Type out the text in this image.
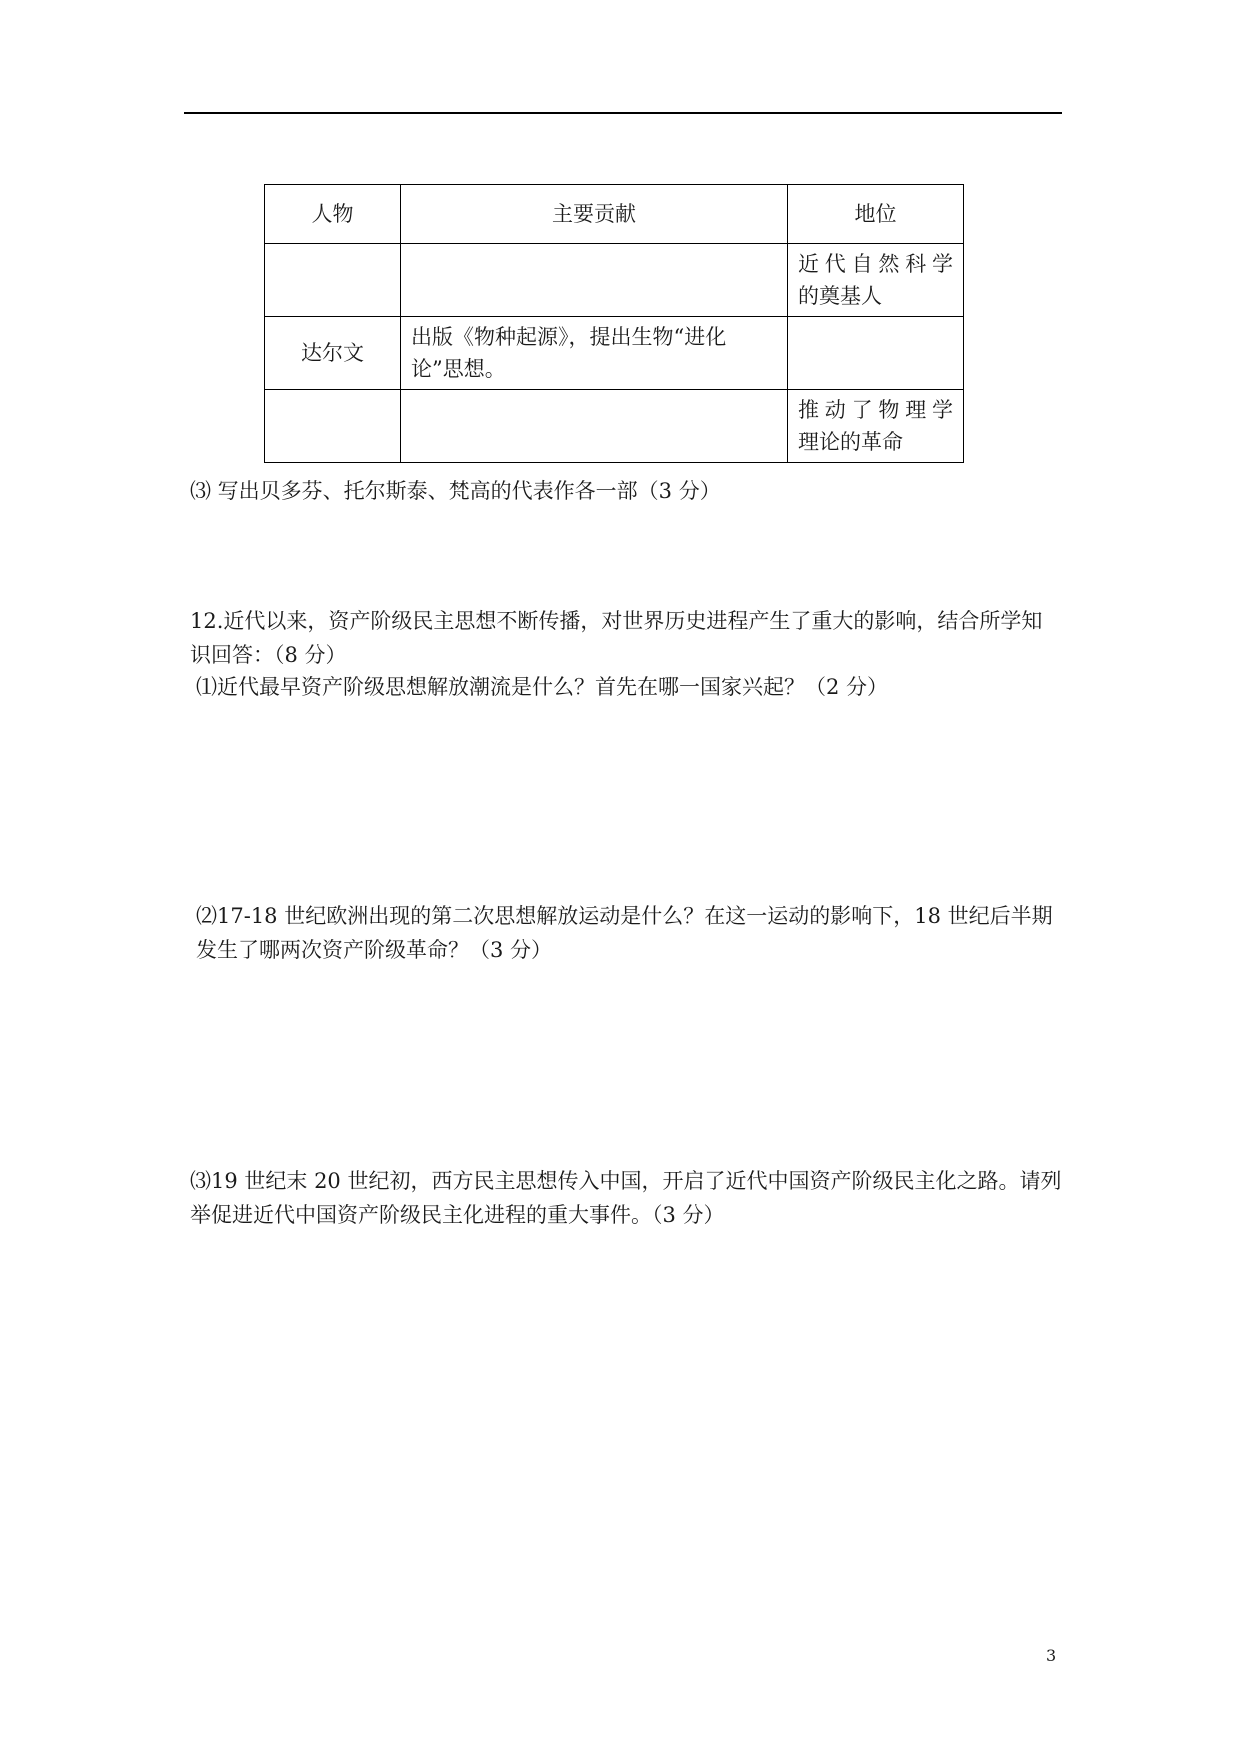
人物	主要贡献	地位

		近代自然科学
的奠基人

达尔文	出版《物种起源》，提出生物“进化论”思想。	

		推动了物理学
理论的革命
⑶ 写出贝多芬、托尔斯泰、梵高的代表作各一部（3 分）
12.近代以来，资产阶级民主思想不断传播，对世界历史进程产生了重大的影响，结合所学知识回答：（8 分）
⑴近代最早资产阶级思想解放潮流是什么？首先在哪一国家兴起？（2 分）
⑵17-18 世纪欧洲出现的第二次思想解放运动是什么？在这一运动的影响下，18 世纪后半期发生了哪两次资产阶级革命？（3 分）
⑶19 世纪末 20 世纪初，西方民主思想传入中国，开启了近代中国资产阶级民主化之路。请列举促进近代中国资产阶级民主化进程的重大事件。（3 分）
3
